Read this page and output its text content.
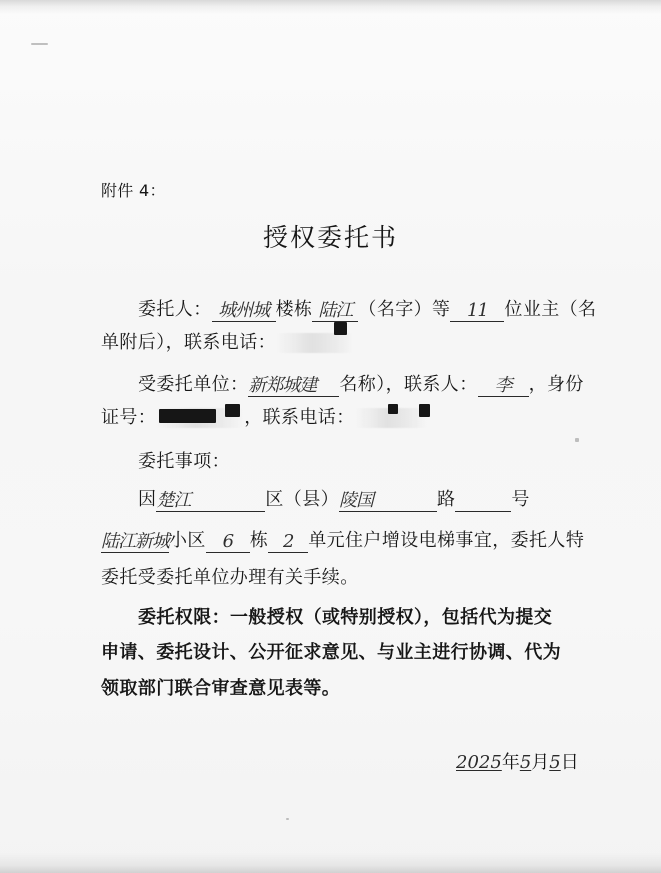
附件 4：
授权委托书
委托人： 城州城 楼栋 陆江 （名字）等 11 位业主（名
单附后），联系电话：
受委托单位：新郑城建 名称），联系人： 李 ，身份
证号：	，联系电话：
委托事项：
因楚江	区（县）陵国	路	号
陆江新城小区 6 栋 2 单元住户增设电梯事宜，委托人特
委托受委托单位办理有关手续。
委托权限：一般授权（或特别授权），包括代为提交
申请、委托设计、公开征求意见、与业主进行协调、代为
领取部门联合审查意见表等。
2025年5月5日
